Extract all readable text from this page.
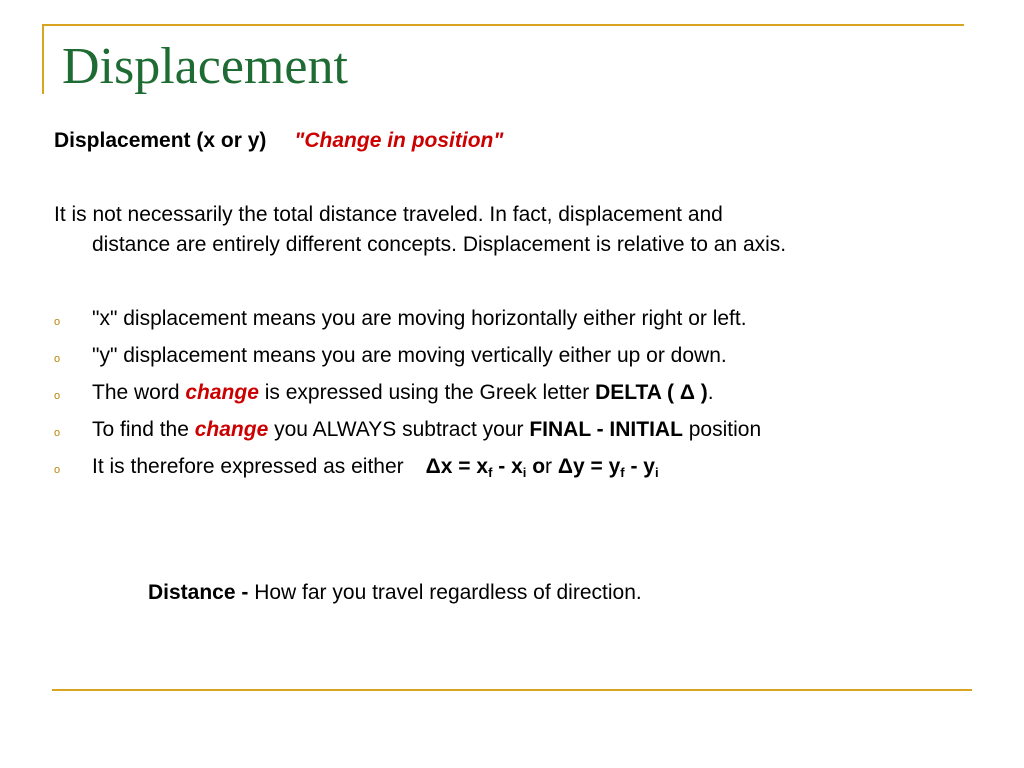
Displacement
Displacement (x or y) "Change in position"
It is not necessarily the total distance traveled. In fact, displacement and
distance are entirely different concepts. Displacement is relative to an axis.
o "x" displacement means you are moving horizontally either right or left.
o "y" displacement means you are moving vertically either up or down.
o The word change is expressed using the Greek letter DELTA ( Δ ).
o To find the change you ALWAYS subtract your FINAL - INITIAL position
o It is therefore expressed as either $\Delta x = x_f - x_i$ or $\Delta y = y_f - y_i$
Distance - How far you travel regardless of direction.
